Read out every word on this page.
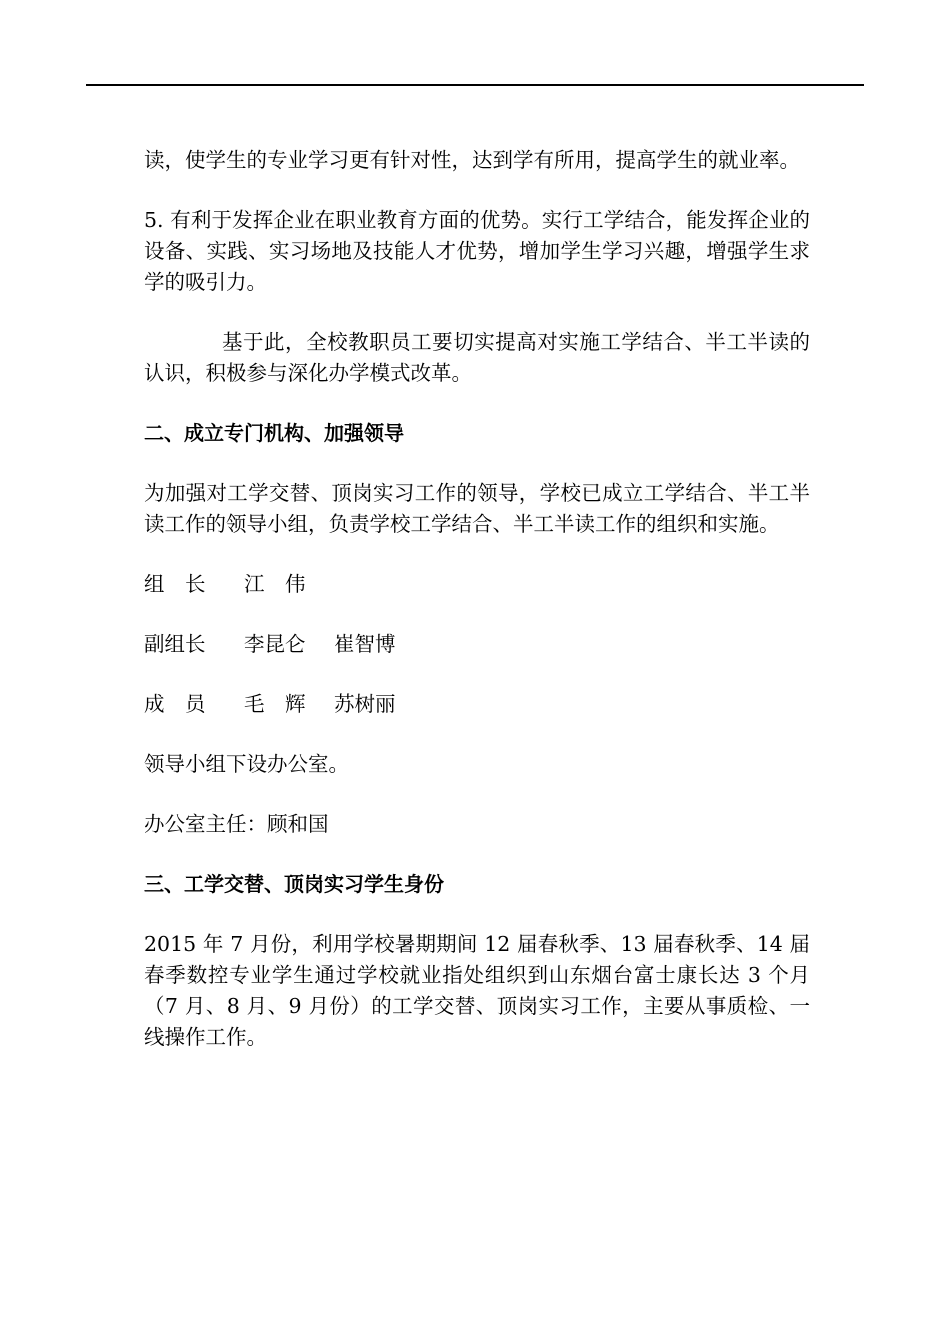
读，使学生的专业学习更有针对性，达到学有所用，提高学生的就业率。

5. 有利于发挥企业在职业教育方面的优势。实行工学结合，能发挥企业的设备、实践、实习场地及技能人才优势，增加学生学习兴趣，增强学生求学的吸引力。

基于此，全校教职员工要切实提高对实施工学结合、半工半读的认识，积极参与深化办学模式改革。

二、成立专门机构、加强领导

为加强对工学交替、顶岗实习工作的领导，学校已成立工学结合、半工半读工作的领导小组，负责学校工学结合、半工半读工作的组织和实施。

组　长	江　伟
副组长	李昆仑	崔智博
成　员	毛　辉	苏树丽

领导小组下设办公室。

办公室主任：顾和国

三、工学交替、顶岗实习学生身份

2015 年 7 月份，利用学校暑期期间 12 届春秋季、13 届春秋季、14 届春季数控专业学生通过学校就业指处组织到山东烟台富士康长达 3 个月（7 月、8 月、9 月份）的工学交替、顶岗实习工作，主要从事质检、一线操作工作。
